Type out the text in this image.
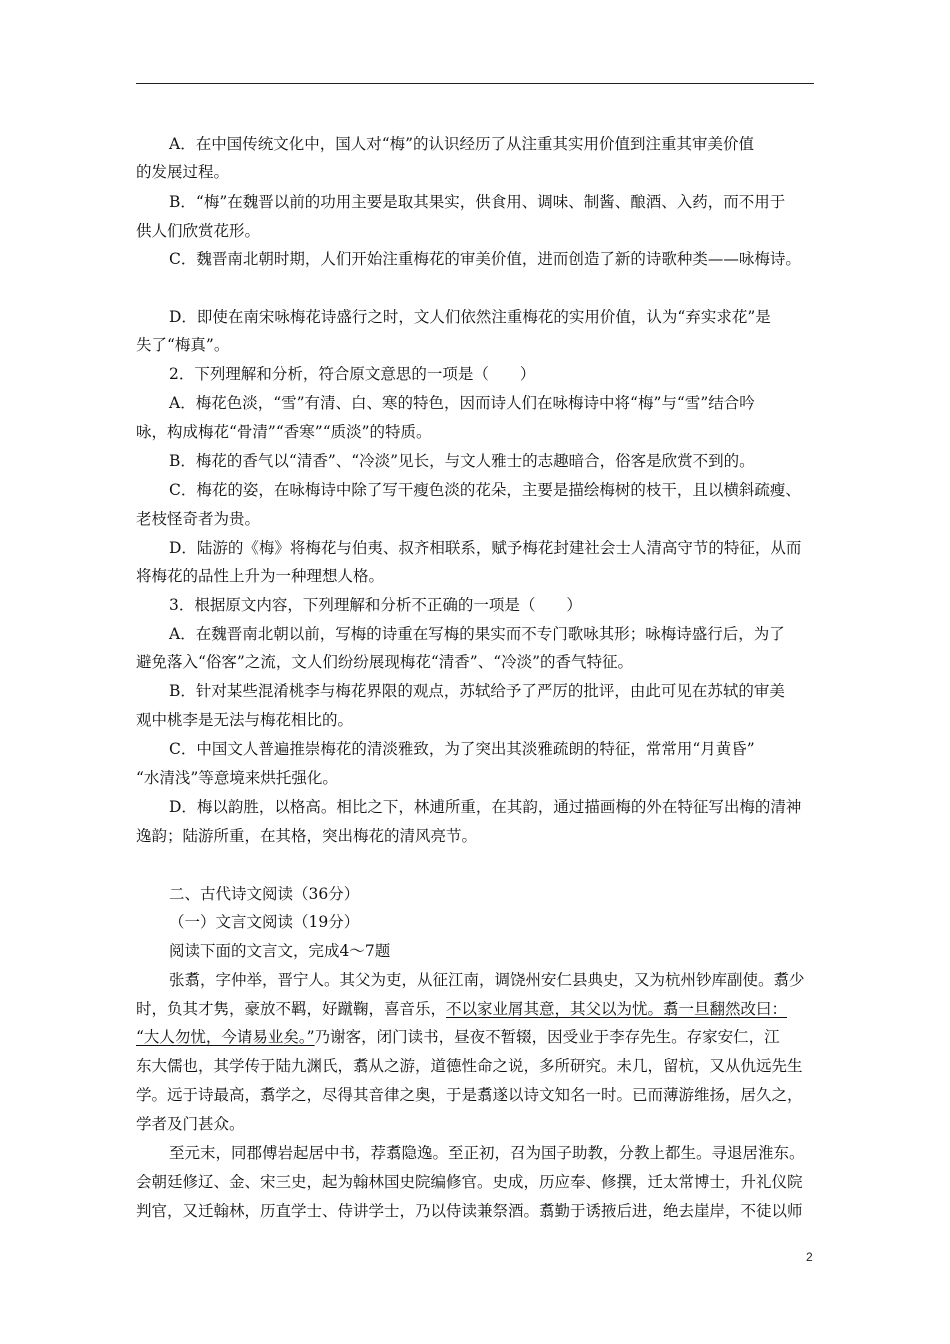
A．在中国传统文化中，国人对“梅”的认识经历了从注重其实用价值到注重其审美价值
的发展过程。
B．“梅”在魏晋以前的功用主要是取其果实，供食用、调味、制酱、酿酒、入药，而不用于
供人们欣赏花形。
C．魏晋南北朝时期，人们开始注重梅花的审美价值，进而创造了新的诗歌种类——咏梅诗。
D．即使在南宋咏梅花诗盛行之时，文人们依然注重梅花的实用价值，认为“弃实求花”是
失了“梅真”。
2．下列理解和分析，符合原文意思的一项是（　　）
A．梅花色淡，“雪”有清、白、寒的特色，因而诗人们在咏梅诗中将“梅”与“雪”结合吟
咏，构成梅花“骨清”“香寒”“质淡”的特质。
B．梅花的香气以“清香”、“冷淡”见长，与文人雅士的志趣暗合，俗客是欣赏不到的。
C．梅花的姿，在咏梅诗中除了写干瘦色淡的花朵，主要是描绘梅树的枝干，且以横斜疏瘦、
老枝怪奇者为贵。
D．陆游的《梅》将梅花与伯夷、叔齐相联系，赋予梅花封建社会士人清高守节的特征，从而
将梅花的品性上升为一种理想人格。
3．根据原文内容，下列理解和分析不正确的一项是（　　）
A．在魏晋南北朝以前，写梅的诗重在写梅的果实而不专门歌咏其形；咏梅诗盛行后，为了
避免落入“俗客”之流，文人们纷纷展现梅花“清香”、“冷淡”的香气特征。
B．针对某些混淆桃李与梅花界限的观点，苏轼给予了严厉的批评，由此可见在苏轼的审美
观中桃李是无法与梅花相比的。
C．中国文人普遍推崇梅花的清淡雅致，为了突出其淡雅疏朗的特征，常常用“月黄昏”
“水清浅”等意境来烘托强化。
D．梅以韵胜，以格高。相比之下，林逋所重，在其韵，通过描画梅的外在特征写出梅的清神
逸韵；陆游所重，在其格，突出梅花的清风亮节。
二、古代诗文阅读（36分）
（一）文言文阅读（19分）
阅读下面的文言文，完成4～7题
张翥，字仲举，晋宁人。其父为吏，从征江南，调饶州安仁县典史，又为杭州钞库副使。翥少
时，负其才隽，豪放不羁，好蹴鞠，喜音乐，不以家业屑其意，其父以为忧。翥一旦翻然改曰：
“大人勿忧，今请易业矣。”乃谢客，闭门读书，昼夜不暂辍，因受业于李存先生。存家安仁，江
东大儒也，其学传于陆九渊氏，翥从之游，道德性命之说，多所研究。未几，留杭，又从仇远先生
学。远于诗最高，翥学之，尽得其音律之奥，于是翥遂以诗文知名一时。已而薄游维扬，居久之，
学者及门甚众。
至元末，同郡傅岩起居中书，荐翥隐逸。至正初，召为国子助教，分教上都生。寻退居淮东。
会朝廷修辽、金、宋三史，起为翰林国史院编修官。史成，历应奉、修撰，迁太常博士，升礼仪院
判官，又迁翰林，历直学士、侍讲学士，乃以侍读兼祭酒。翥勤于诱掖后进，绝去崖岸，不徒以师
2
